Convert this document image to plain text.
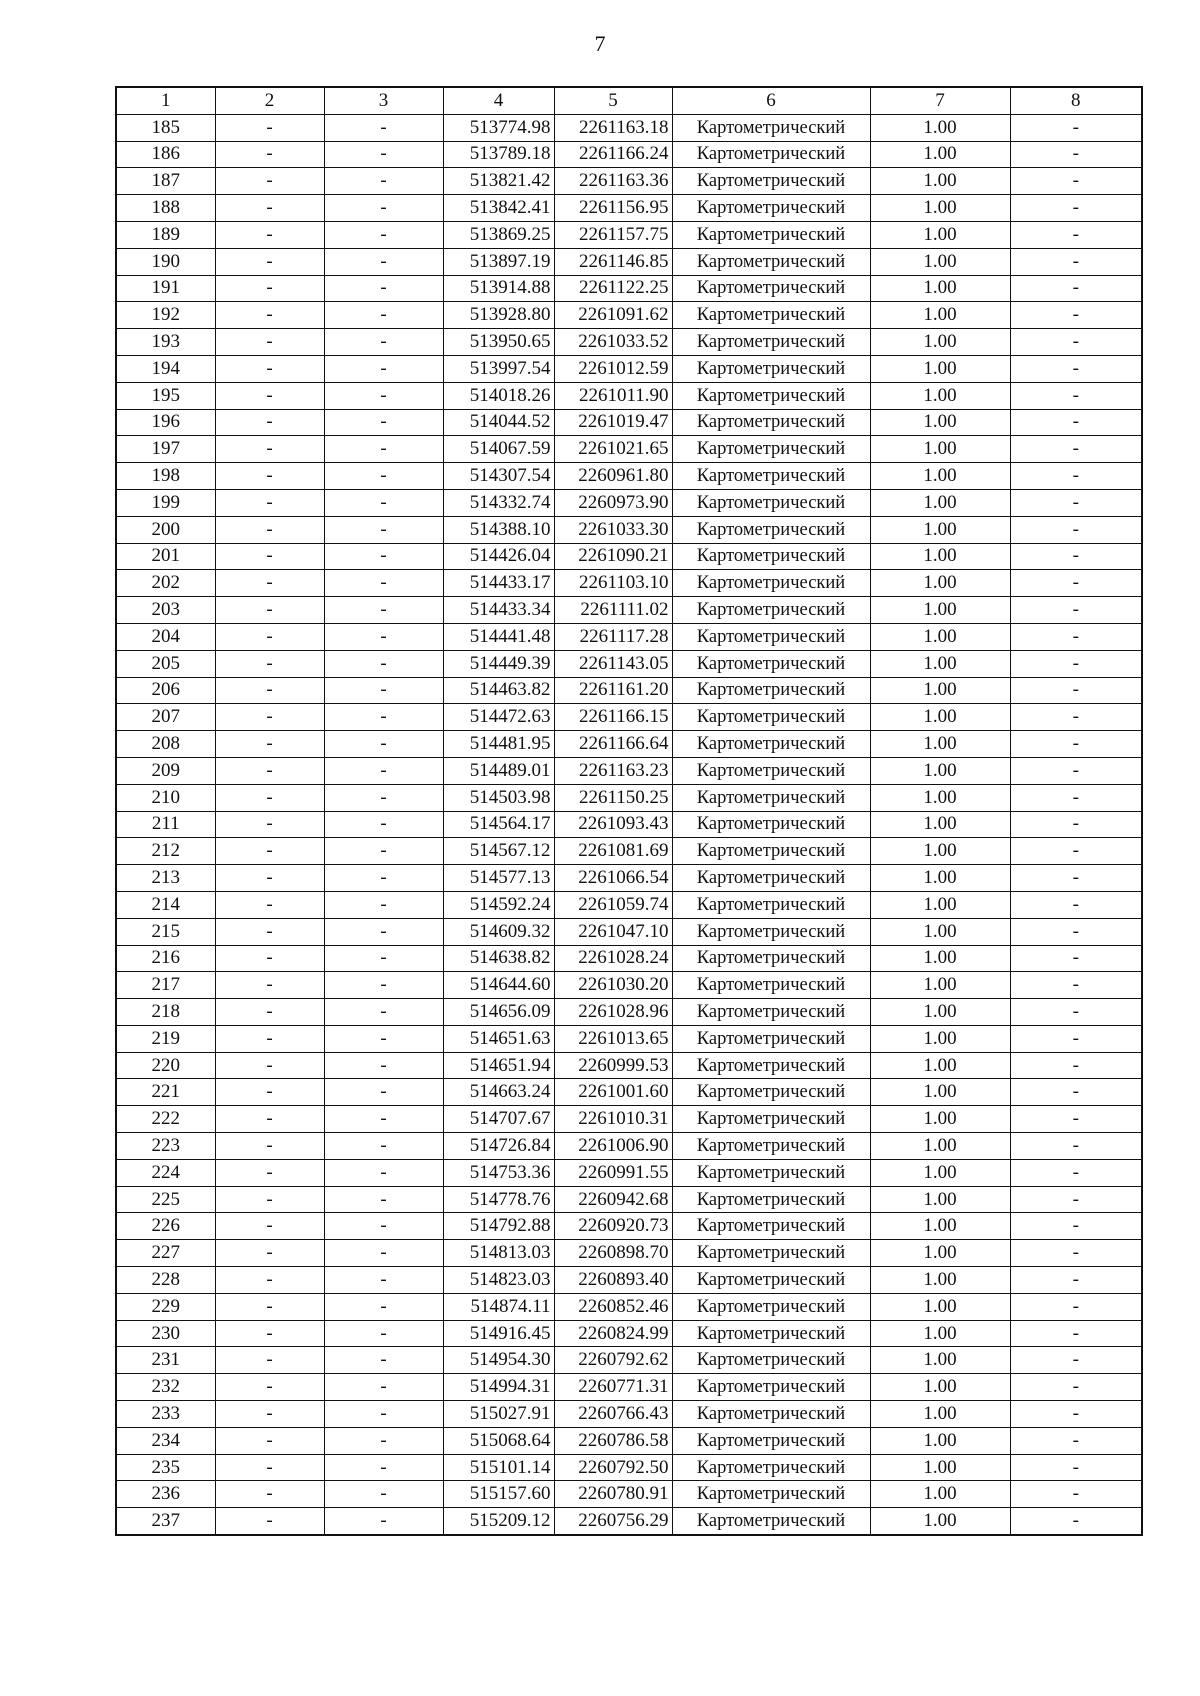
7
1	2	3	4	5	6	7	8
185	-	-	513774.98	2261163.18	Картометрический	1.00	-
186	-	-	513789.18	2261166.24	Картометрический	1.00	-
187	-	-	513821.42	2261163.36	Картометрический	1.00	-
188	-	-	513842.41	2261156.95	Картометрический	1.00	-
189	-	-	513869.25	2261157.75	Картометрический	1.00	-
190	-	-	513897.19	2261146.85	Картометрический	1.00	-
191	-	-	513914.88	2261122.25	Картометрический	1.00	-
192	-	-	513928.80	2261091.62	Картометрический	1.00	-
193	-	-	513950.65	2261033.52	Картометрический	1.00	-
194	-	-	513997.54	2261012.59	Картометрический	1.00	-
195	-	-	514018.26	2261011.90	Картометрический	1.00	-
196	-	-	514044.52	2261019.47	Картометрический	1.00	-
197	-	-	514067.59	2261021.65	Картометрический	1.00	-
198	-	-	514307.54	2260961.80	Картометрический	1.00	-
199	-	-	514332.74	2260973.90	Картометрический	1.00	-
200	-	-	514388.10	2261033.30	Картометрический	1.00	-
201	-	-	514426.04	2261090.21	Картометрический	1.00	-
202	-	-	514433.17	2261103.10	Картометрический	1.00	-
203	-	-	514433.34	2261111.02	Картометрический	1.00	-
204	-	-	514441.48	2261117.28	Картометрический	1.00	-
205	-	-	514449.39	2261143.05	Картометрический	1.00	-
206	-	-	514463.82	2261161.20	Картометрический	1.00	-
207	-	-	514472.63	2261166.15	Картометрический	1.00	-
208	-	-	514481.95	2261166.64	Картометрический	1.00	-
209	-	-	514489.01	2261163.23	Картометрический	1.00	-
210	-	-	514503.98	2261150.25	Картометрический	1.00	-
211	-	-	514564.17	2261093.43	Картометрический	1.00	-
212	-	-	514567.12	2261081.69	Картометрический	1.00	-
213	-	-	514577.13	2261066.54	Картометрический	1.00	-
214	-	-	514592.24	2261059.74	Картометрический	1.00	-
215	-	-	514609.32	2261047.10	Картометрический	1.00	-
216	-	-	514638.82	2261028.24	Картометрический	1.00	-
217	-	-	514644.60	2261030.20	Картометрический	1.00	-
218	-	-	514656.09	2261028.96	Картометрический	1.00	-
219	-	-	514651.63	2261013.65	Картометрический	1.00	-
220	-	-	514651.94	2260999.53	Картометрический	1.00	-
221	-	-	514663.24	2261001.60	Картометрический	1.00	-
222	-	-	514707.67	2261010.31	Картометрический	1.00	-
223	-	-	514726.84	2261006.90	Картометрический	1.00	-
224	-	-	514753.36	2260991.55	Картометрический	1.00	-
225	-	-	514778.76	2260942.68	Картометрический	1.00	-
226	-	-	514792.88	2260920.73	Картометрический	1.00	-
227	-	-	514813.03	2260898.70	Картометрический	1.00	-
228	-	-	514823.03	2260893.40	Картометрический	1.00	-
229	-	-	514874.11	2260852.46	Картометрический	1.00	-
230	-	-	514916.45	2260824.99	Картометрический	1.00	-
231	-	-	514954.30	2260792.62	Картометрический	1.00	-
232	-	-	514994.31	2260771.31	Картометрический	1.00	-
233	-	-	515027.91	2260766.43	Картометрический	1.00	-
234	-	-	515068.64	2260786.58	Картометрический	1.00	-
235	-	-	515101.14	2260792.50	Картометрический	1.00	-
236	-	-	515157.60	2260780.91	Картометрический	1.00	-
237	-	-	515209.12	2260756.29	Картометрический	1.00	-
